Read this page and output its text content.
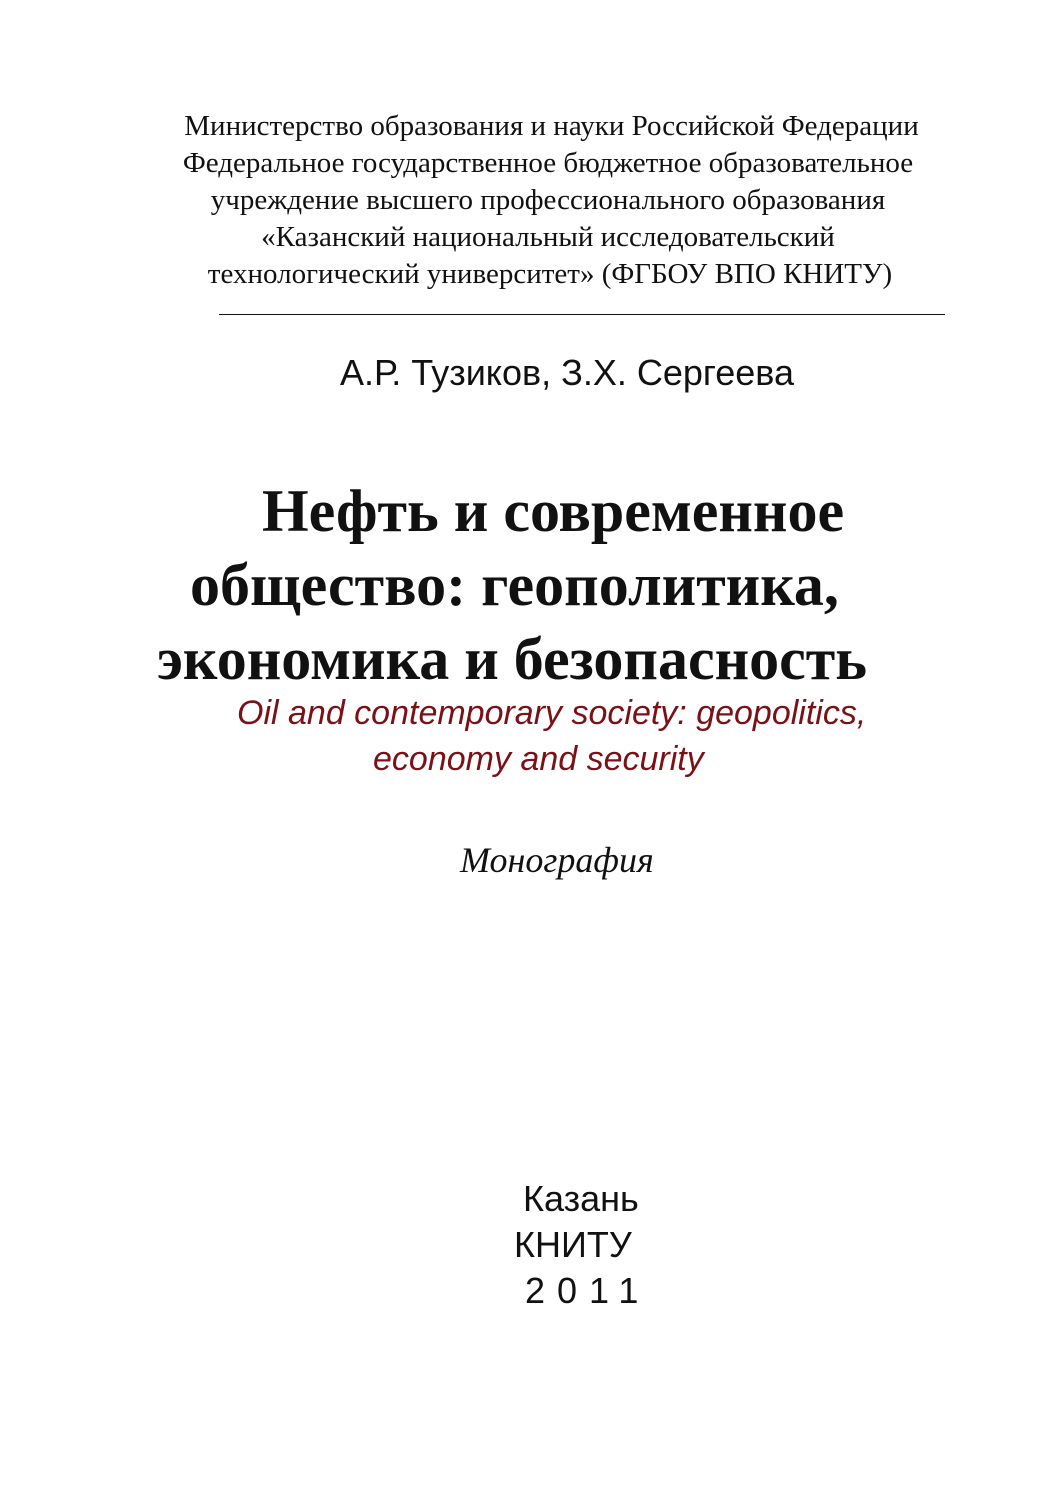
Министерство образования и науки Российской Федерации
Федеральное государственное бюджетное образовательное
учреждение высшего профессионального образования
«Казанский национальный исследовательский
технологический университет» (ФГБОУ ВПО КНИТУ)
А.Р. Тузиков, З.Х. Сергеева
Нефть и современное
общество: геополитика,
экономика и безопасность
Oil and contemporary society: geopolitics,
economy and security
Монография
Казань
КНИТУ
2011
